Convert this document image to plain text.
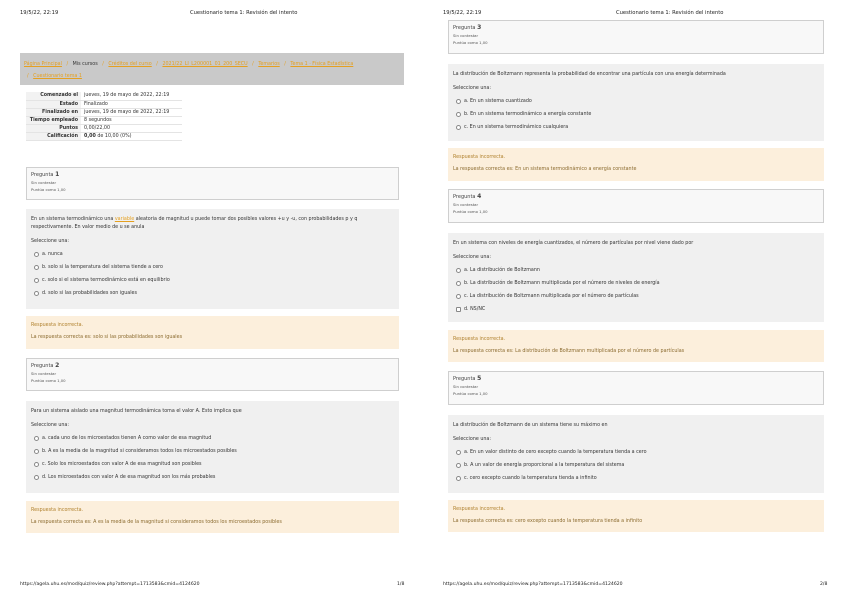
19/5/22, 22:19	Cuestionario tema 1: Revisión del intento
Página Principal / Mis cursos / Créditos del curso / 2021/22_LI_L200001_01_200_SECU / Temarios / Tema 1 · Física Estadística
/ Cuestionario tema 1
Comenzado el	jueves, 19 de mayo de 2022, 22:19
Estado	Finalizado
Finalizado en	jueves, 19 de mayo de 2022, 22:19
Tiempo empleado	8 segundos
Puntos	0,00/22,00
Calificación	0,00 de 10,00 (0%)
Pregunta 1
Sin contestar
Puntúa como 1,00
En un sistema termodinámico una variable aleatoria de magnitud u puede tomar dos posibles valores +u y -u, con probabilidades p y q respectivamente. En valor medio de u se anula
Seleccione una:
a. nunca
b. solo si la temperatura del sistema tiende a cero
c. solo si el sistema termodinámico está en equilibrio
d. solo si las probabilidades son iguales
Respuesta incorrecta.
La respuesta correcta es: solo si las probabilidades son iguales
Pregunta 2
Sin contestar
Puntúa como 1,00
Para un sistema aislado una magnitud termodinámica toma el valor A. Esto implica que
Seleccione una:
a. cada uno de los microestados tienen A como valor de esa magnitud
b. A es la media de la magnitud si consideramos todos los microestados posibles
c. Solo los microestados con valor A de esa magnitud son posibles
d. Los microestados con valor A de esa magnitud son los más probables
Respuesta incorrecta.
La respuesta correcta es: A es la media de la magnitud si consideramos todos los microestados posibles
https://agela.uhu.es/mod/quiz/review.php?attempt=1713583&cmid=4124620	1/8
19/5/22, 22:19	Cuestionario tema 1: Revisión del intento
Pregunta 3
Sin contestar
Puntúa como 1,00
La distribución de Boltzmann representa la probabilidad de encontrar una partícula con una energía determinada
Seleccione una:
a. En un sistema cuantizado
b. En un sistema termodinámico a energía constante
c. En un sistema termodinámico cualquiera
Respuesta incorrecta.
La respuesta correcta es: En un sistema termodinámico a energía constante
Pregunta 4
Sin contestar
Puntúa como 1,00
En un sistema con niveles de energía cuantizados, el número de partículas por nivel viene dado por
Seleccione una:
a. La distribución de Boltzmann
b. La distribución de Boltzmann multiplicada por el número de niveles de energía
c. La distribución de Boltzmann multiplicada por el número de partículas
d. NS/NC
Respuesta incorrecta.
La respuesta correcta es: La distribución de Boltzmann multiplicada por el número de partículas
Pregunta 5
Sin contestar
Puntúa como 1,00
La distribución de Boltzmann de un sistema tiene su máximo en
Seleccione una:
a. En un valor distinto de cero excepto cuando la temperatura tienda a cero
b. A un valor de energía proporcional a la temperatura del sistema
c. cero excepto cuando la temperatura tienda a infinito
Respuesta incorrecta.
La respuesta correcta es: cero excepto cuando la temperatura tienda a infinito
https://agela.uhu.es/mod/quiz/review.php?attempt=1713583&cmid=4124620	2/8
